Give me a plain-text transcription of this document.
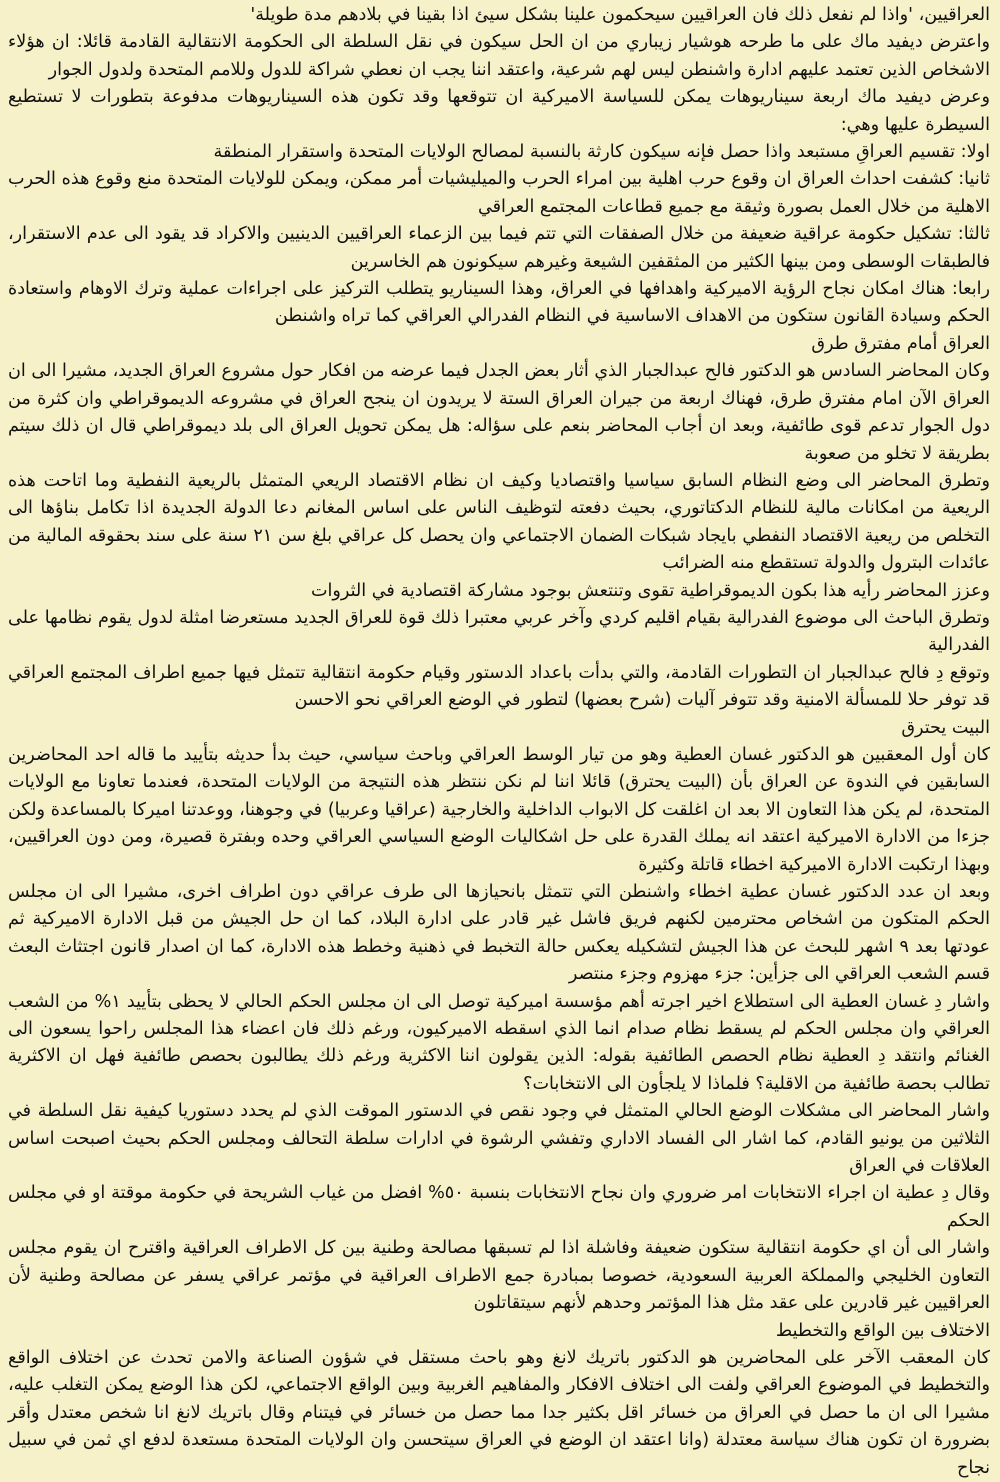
العراقيين، 'واذا لم نفعل ذلك فان العراقيين سيحكمون علينا بشكل سيئ اذا بقينا في بلادهم مدة طويلة'

واعترض ديفيد ماك على ما طرحه هوشيار زيباري من ان الحل سيكون في نقل السلطة الى الحكومة الانتقالية القادمة قائلا: ان هؤلاء الاشخاص الذين تعتمد عليهم ادارة واشنطن ليس لهم شرعية، واعتقد اننا يجب ان نعطي شراكة للدول وللامم المتحدة ولدول الجوار

وعرض ديفيد ماك اربعة سيناريوهات يمكن للسياسة الاميركية ان تتوقعها وقد تكون هذه السيناريوهات مدفوعة بتطورات لا تستطيع السيطرة عليها وهي:

اولا: تقسيم العراقِ مستبعد واذا حصل فإنه سيكون كارثة بالنسبة لمصالح الولايات المتحدة واستقرار المنطقة

ثانيا: كشفت احداث العراق ان وقوع حرب اهلية بين امراء الحرب والميليشيات أمر ممكن، ويمكن للولايات المتحدة منع وقوع هذه الحرب الاهلية من خلال العمل بصورة وثيقة مع جميع قطاعات المجتمع العراقي

ثالثا: تشكيل حكومة عراقية ضعيفة من خلال الصفقات التي تتم فيما بين الزعماء العراقيين الدينيين والاكراد قد يقود الى عدم الاستقرار، فالطبقات الوسطى ومن بينها الكثير من المثقفين الشيعة وغيرهم سيكونون هم الخاسرين

رابعا: هناك امكان نجاح الرؤية الاميركية واهدافها في العراق، وهذا السيناريو يتطلب التركيز على اجراءات عملية وترك الاوهام واستعادة الحكم وسيادة القانون ستكون من الاهداف الاساسية في النظام الفدرالي العراقي كما تراه واشنطن

العراق أمام مفترق طرق

وكان المحاضر السادس هو الدكتور فالح عبدالجبار الذي أثار بعض الجدل فيما عرضه من افكار حول مشروع العراق الجديد، مشيرا الى ان العراق الآن امام مفترق طرق، فهناك اربعة من جيران العراق الستة لا يريدون ان ينجح العراق في مشروعه الديموقراطي وان كثرة من دول الجوار تدعم قوى طائفية، وبعد ان أجاب المحاضر بنعم على سؤاله: هل يمكن تحويل العراق الى بلد ديموقراطي قال ان ذلك سيتم بطريقة لا تخلو من صعوبة

وتطرق المحاضر الى وضع النظام السابق سياسيا واقتصاديا وكيف ان نظام الاقتصاد الريعي المتمثل بالريعية النفطية وما اتاحت هذه الريعية من امكانات مالية للنظام الدكتاتوري، بحيث دفعته لتوظيف الناس على اساس المغانم دعا الدولة الجديدة اذا تكامل بناؤها الى التخلص من ريعية الاقتصاد النفطي بايجاد شبكات الضمان الاجتماعي وان يحصل كل عراقي بلغ سن ٢١ سنة على سند بحقوقه المالية من عائدات البترول والدولة تستقطع منه الضرائب

وعزز المحاضر رأيه هذا بكون الديموقراطية تقوى وتنتعش بوجود مشاركة اقتصادية في الثروات

وتطرق الباحث الى موضوع الفدرالية بقيام اقليم كردي وآخر عربي معتبرا ذلك قوة للعراق الجديد مستعرضا امثلة لدول يقوم نظامها على الفدرالية

وتوقع دِ فالح عبدالجبار ان التطورات القادمة، والتي بدأت باعداد الدستور وقيام حكومة انتقالية تتمثل فيها جميع اطراف المجتمع العراقي قد توفر حلا للمسألة الامنية وقد تتوفر آليات (شرح بعضها) لتطور في الوضع العراقي نحو الاحسن

البيت يحترق

كان أول المعقبين هو الدكتور غسان العطية وهو من تيار الوسط العراقي وباحث سياسي، حيث بدأ حديثه بتأييد ما قاله احد المحاضرين السابقين في الندوة عن العراق بأن (البيت يحترق) قائلا اننا لم نكن ننتظر هذه النتيجة من الولايات المتحدة، فعندما تعاونا مع الولايات المتحدة، لم يكن هذا التعاون الا بعد ان اغلقت كل الابواب الداخلية والخارجية (عراقيا وعربيا) في وجوهنا، ووعدتنا اميركا بالمساعدة ولكن جزءا من الادارة الاميركية اعتقد انه يملك القدرة على حل اشكاليات الوضع السياسي العراقي وحده وبفترة قصيرة، ومن دون العراقيين، وبهذا ارتكبت الادارة الاميركية اخطاء قاتلة وكثيرة

وبعد ان عدد الدكتور غسان عطية اخطاء واشنطن التي تتمثل بانحيازها الى طرف عراقي دون اطراف اخرى، مشيرا الى ان مجلس الحكم المتكون من اشخاص محترمين لكنهم فريق فاشل غير قادر على ادارة البلاد، كما ان حل الجيش من قبل الادارة الاميركية ثم عودتها بعد ٩ اشهر للبحث عن هذا الجيش لتشكيله يعكس حالة التخبط في ذهنية وخطط هذه الادارة، كما ان اصدار قانون اجتثاث البعث قسم الشعب العراقي الى جزأين: جزء مهزوم وجزء منتصر

واشار دِ غسان العطية الى استطلاع اخير اجرته أهم مؤسسة اميركية توصل الى ان مجلس الحكم الحالي لا يحظى بتأييد ١% من الشعب العراقي وان مجلس الحكم لم يسقط نظام صدام انما الذي اسقطه الاميركيون، ورغم ذلك فان اعضاء هذا المجلس راحوا يسعون الى الغنائم وانتقد دِ العطية نظام الحصص الطائفية بقوله: الذين يقولون اننا الاكثرية ورغم ذلك يطالبون بحصص طائفية فهل ان الاكثرية تطالب بحصة طائفية من الاقلية؟ فلماذا لا يلجأون الى الانتخابات؟

واشار المحاضر الى مشكلات الوضع الحالي المتمثل في وجود نقص في الدستور الموقت الذي لم يحدد دستوريا كيفية نقل السلطة في الثلاثين من يونيو القادم، كما اشار الى الفساد الاداري وتفشي الرشوة في ادارات سلطة التحالف ومجلس الحكم بحيث اصبحت اساس العلاقات في العراق

وقال دِ عطية ان اجراء الانتخابات امر ضروري وان نجاح الانتخابات بنسبة ٥٠% افضل من غياب الشريحة في حكومة موقتة او في مجلس الحكم

واشار الى أن اي حكومة انتقالية ستكون ضعيفة وفاشلة اذا لم تسبقها مصالحة وطنية بين كل الاطراف العراقية واقترح ان يقوم مجلس التعاون الخليجي والمملكة العربية السعودية، خصوصا بمبادرة جمع الاطراف العراقية في مؤتمر عراقي يسفر عن مصالحة وطنية لأن العراقيين غير قادرين على عقد مثل هذا المؤتمر وحدهم لأنهم سيتقاتلون

الاختلاف بين الواقع والتخطيط

كان المعقب الآخر على المحاضرين هو الدكتور باتريك لانغ وهو باحث مستقل في شؤون الصناعة والامن تحدث عن اختلاف الواقع والتخطيط في الموضوع العراقي ولفت الى اختلاف الافكار والمفاهيم الغربية وبين الواقع الاجتماعي، لكن هذا الوضع يمكن التغلب عليه، مشيرا الى ان ما حصل في العراق من خسائر اقل بكثير جدا مما حصل من خسائر في فيتنام وقال باتريك لانغ انا شخص معتدل وأقر بضرورة ان تكون هناك سياسة معتدلة (وانا اعتقد ان الوضع في العراق سيتحسن وان الولايات المتحدة مستعدة لدفع اي ثمن في سبيل نجاح
